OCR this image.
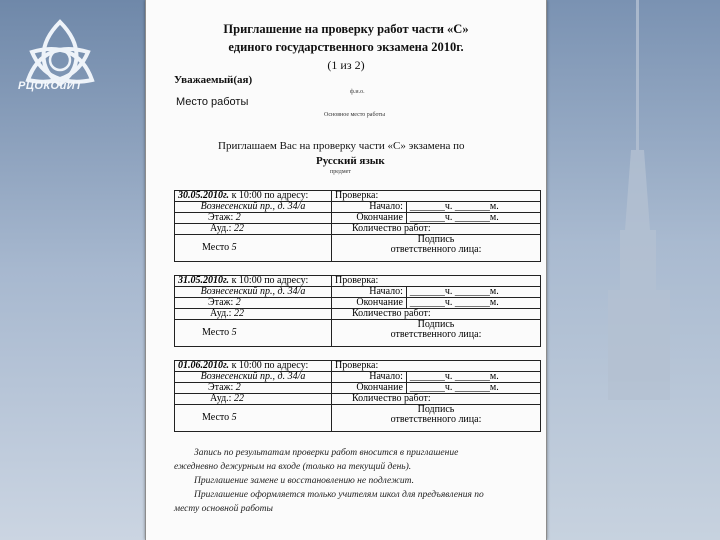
РЦОКОиИТ
Приглашение на проверку работ части «С»
единого государственного экзамена 2010г.
(1 из 2)
Уважаемый(ая)
ф.и.о.
Место работы
Основное место работы
Приглашаем Вас на проверку части «С» экзамена по
Русский язык
предмет
30.05.2010г. к 10:00 по адресу:	Проверка:	
Вознесенский пр., д. 34/а	Начало:	_______ч. _______м.
Этаж: 2	Окончание	_______ч. _______м.
Ауд.: 22	Количество работ:	
Место 5	Подпись
ответственного лица:	
31.05.2010г. к 10:00 по адресу:	Проверка:	
Вознесенский пр., д. 34/а	Начало:	_______ч. _______м.
Этаж: 2	Окончание	_______ч. _______м.
Ауд.: 22	Количество работ:	
Место 5	Подпись
ответственного лица:	
01.06.2010г. к 10:00 по адресу:	Проверка:	
Вознесенский пр., д. 34/а	Начало:	_______ч. _______м.
Этаж: 2	Окончание	_______ч. _______м.
Ауд.: 22	Количество работ:	
Место 5	Подпись
ответственного лица:	
Запись по результатам проверки работ вносится в приглашение
ежедневно дежурным на входе (только на текущий день).
Приглашение замене и восстановлению не подлежит.
Приглашение оформляется только учителям школ для предъявления по
месту основной работы
